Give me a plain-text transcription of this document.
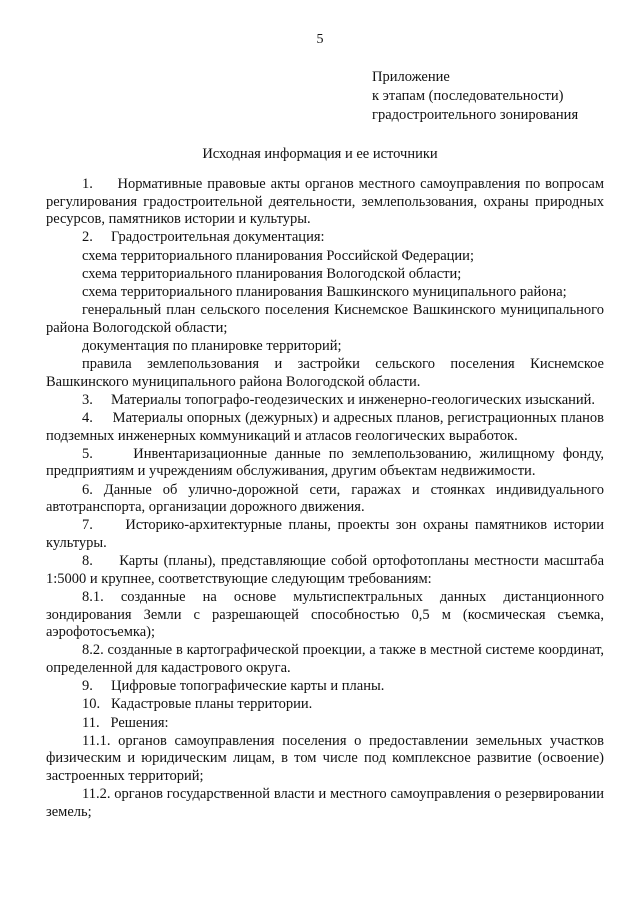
5
Приложение
к этапам (последовательности)
градостроительного зонирования
Исходная информация и ее источники
1.     Нормативные правовые акты органов местного самоуправления по вопросам регулирования градостроительной деятельности, землепользования, охраны природных ресурсов, памятников истории и культуры.
2.     Градостроительная документация:
схема территориального планирования Российской Федерации;
схема территориального планирования Вологодской области;
схема территориального планирования Вашкинского муниципального района;
генеральный план сельского поселения Киснемское Вашкинского муниципального района Вологодской области;
документация по планировке территорий;
правила землепользования и застройки сельского поселения Киснемское Вашкинского муниципального района Вологодской области.
3.     Материалы топографо-геодезических и инженерно-геологических изысканий.
4.     Материалы опорных (дежурных) и адресных планов, регистрационных планов подземных инженерных коммуникаций и атласов геологических выработок.
5.     Инвентаризационные данные по землепользованию, жилищному фонду, предприятиям и учреждениям обслуживания, другим объектам недвижимости.
6. Данные об улично-дорожной сети, гаражах и стоянках индивидуального автотранспорта, организации дорожного движения.
7.     Историко-архитектурные планы, проекты зон охраны памятников истории культуры.
8.     Карты (планы), представляющие собой ортофотопланы местности масштаба 1:5000 и крупнее, соответствующие следующим требованиям:
8.1. созданные на основе мультиспектральных данных дистанционного зондирования Земли с разрешающей способностью 0,5 м (космическая съемка, аэрофотосъемка);
8.2. созданные в картографической проекции, а также в местной системе координат, определенной для кадастрового округа.
9.     Цифровые топографические карты и планы.
10.   Кадастровые планы территории.
11.   Решения:
11.1. органов самоуправления поселения о предоставлении земельных участков физическим и юридическим лицам, в том числе под комплексное развитие (освоение) застроенных территорий;
11.2. органов государственной власти и местного самоуправления о резервировании земель;
